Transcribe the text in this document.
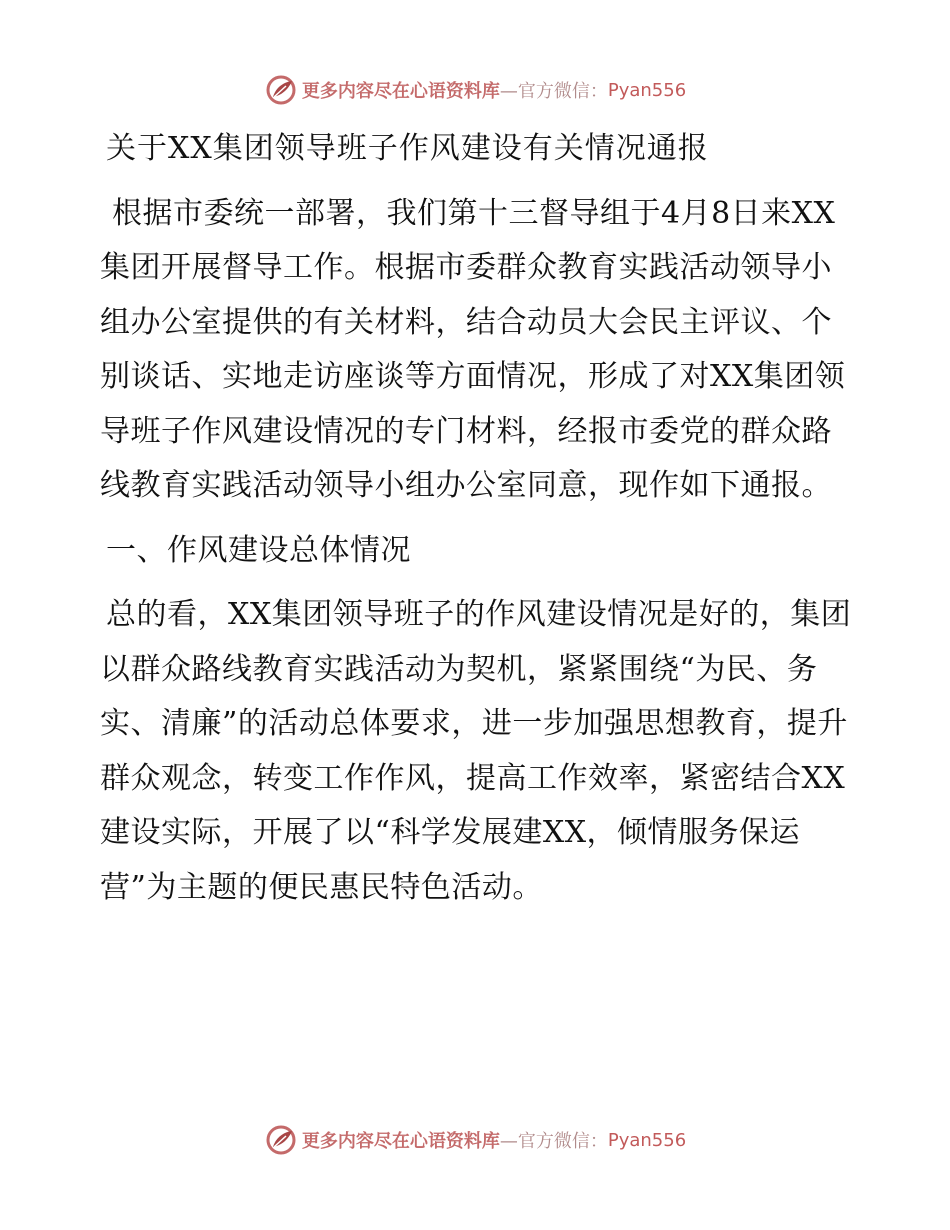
更多内容尽在心语资料库 —官方微信： Pyan556

关于XX集团领导班子作风建设有关情况通报

根据市委统一部署，我们第十三督导组于4月8日来XX集团开展督导工作。根据市委群众教育实践活动领导小组办公室提供的有关材料，结合动员大会民主评议、个别谈话、实地走访座谈等方面情况，形成了对XX集团领导班子作风建设情况的专门材料，经报市委党的群众路线教育实践活动领导小组办公室同意，现作如下通报。

一、作风建设总体情况

总的看，XX集团领导班子的作风建设情况是好的，集团以群众路线教育实践活动为契机，紧紧围绕“为民、务实、清廉”的活动总体要求，进一步加强思想教育，提升群众观念，转变工作作风，提高工作效率，紧密结合XX建设实际，开展了以“科学发展建XX，倾情服务保运营”为主题的便民惠民特色活动。

更多内容尽在心语资料库 —官方微信： Pyan556
